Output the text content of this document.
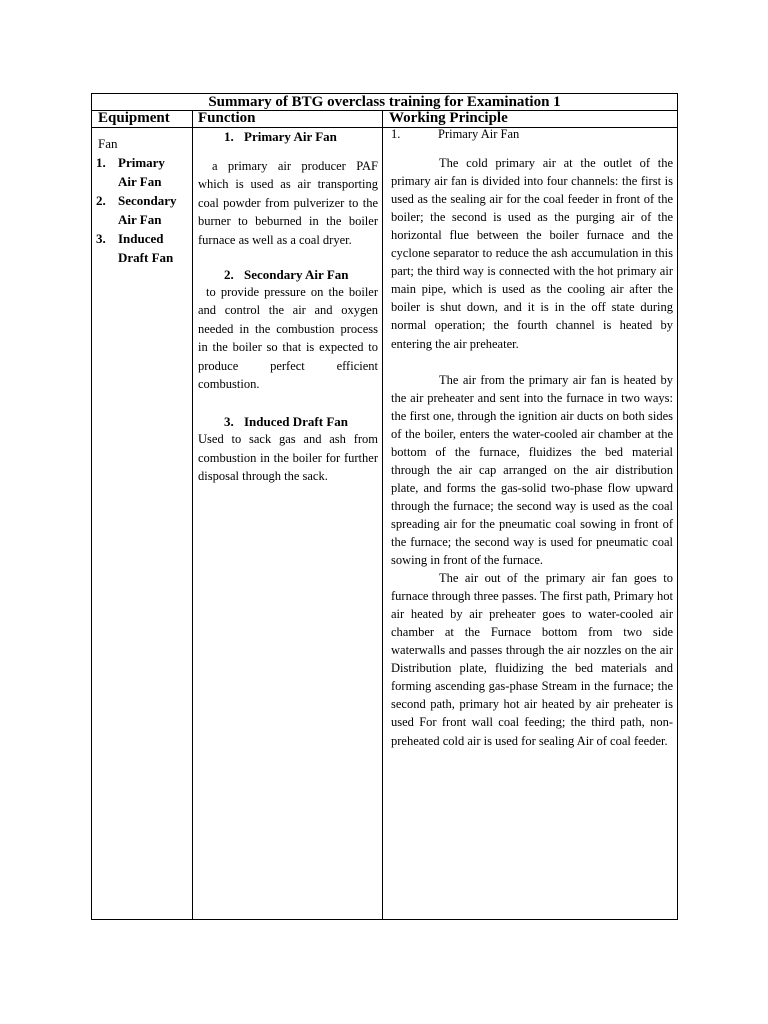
Summary of BTG overclass training for Examination 1
Equipment Function	Working Principle
Fan
1. Primary
Air Fan
2. Secondary
Air Fan
3. Induced
Draft Fan
1. Primary Air Fan

a primary air producer PAF which is used as air transporting coal powder from pulverizer to the burner to beburned in the boiler furnace as well as a coal dryer.

2. Secondary Air Fan

to provide pressure on the boiler and control the air and oxygen needed in the combustion process in the boiler so that is expected to produce perfect efficient combustion.

3. Induced Draft Fan

Used to sack gas and ash from combustion in the boiler for further disposal through the sack.

1.	Primary Air Fan

The cold primary air at the outlet of the primary air fan is divided into four channels: the first is used as the sealing air for the coal feeder in front of the boiler; the second is used as the purging air of the horizontal flue between the boiler furnace and the cyclone separator to reduce the ash accumulation in this part; the third way is connected with the hot primary air main pipe, which is used as the cooling air after the boiler is shut down, and it is in the off state during normal operation; the fourth channel is heated by entering the air preheater.

The air from the primary air fan is heated by the air preheater and sent into the furnace in two ways: the first one, through the ignition air ducts on both sides of the boiler, enters the water-cooled air chamber at the bottom of the furnace, fluidizes the bed material through the air cap arranged on the air distribution plate, and forms the gas-solid two-phase flow upward through the furnace; the second way is used as the coal spreading air for the pneumatic coal sowing in front of the furnace; the second way is used for pneumatic coal sowing in front of the furnace.

The air out of the primary air fan goes to furnace through three passes. The first path, Primary hot air heated by air preheater goes to water-cooled air chamber at the Furnace bottom from two side waterwalls and passes through the air nozzles on the air Distribution plate, fluidizing the bed materials and forming ascending gas-phase Stream in the furnace; the second path, primary hot air heated by air preheater is used For front wall coal feeding; the third path, non-preheated cold air is used for sealing Air of coal feeder.
